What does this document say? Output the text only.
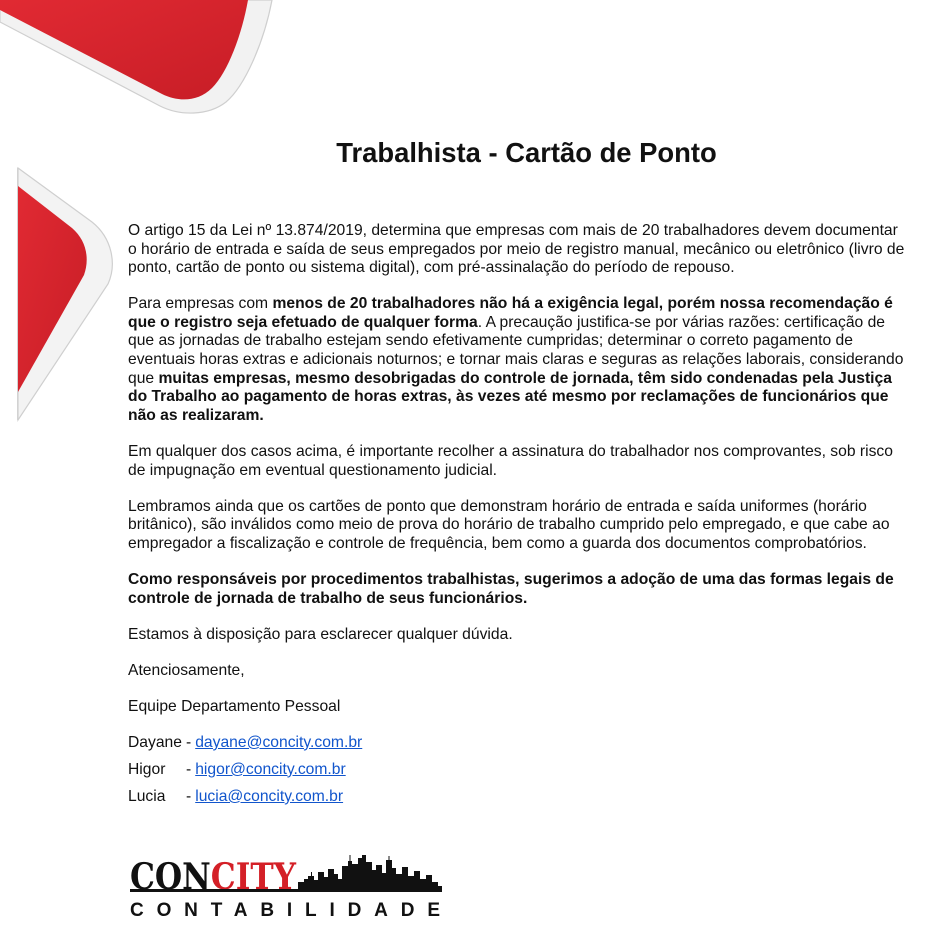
Trabalhista - Cartão de Ponto

O artigo 15 da Lei nº 13.874/2019, determina que empresas com mais de 20 trabalhadores devem documentar o horário de entrada e saída de seus empregados por meio de registro manual, mecânico ou eletrônico (livro de ponto, cartão de ponto ou sistema digital), com pré-assinalação do período de repouso.

Para empresas com menos de 20 trabalhadores não há a exigência legal, porém nossa recomendação é que o registro seja efetuado de qualquer forma. A precaução justifica-se por várias razões: certificação de que as jornadas de trabalho estejam sendo efetivamente cumpridas; determinar o correto pagamento de eventuais horas extras e adicionais noturnos; e tornar mais claras e seguras as relações laborais, considerando que muitas empresas, mesmo desobrigadas do controle de jornada, têm sido condenadas pela Justiça do Trabalho ao pagamento de horas extras, às vezes até mesmo por reclamações de funcionários que não as realizaram.

Em qualquer dos casos acima, é importante recolher a assinatura do trabalhador nos comprovantes, sob risco de impugnação em eventual questionamento judicial.

Lembramos ainda que os cartões de ponto que demonstram horário de entrada e saída uniformes (horário britânico), são inválidos como meio de prova do horário de trabalho cumprido pelo empregado, e que cabe ao empregador a fiscalização e controle de frequência, bem como a guarda dos documentos comprobatórios.

Como responsáveis por procedimentos trabalhistas, sugerimos a adoção de uma das formas legais de controle de jornada de trabalho de seus funcionários.

Estamos à disposição para esclarecer qualquer dúvida.

Atenciosamente,

Equipe Departamento Pessoal

Dayane - dayane@concity.com.br
Higor - higor@concity.com.br
Lucia - lucia@concity.com.br
CONCITY
CONTABILIDADE
